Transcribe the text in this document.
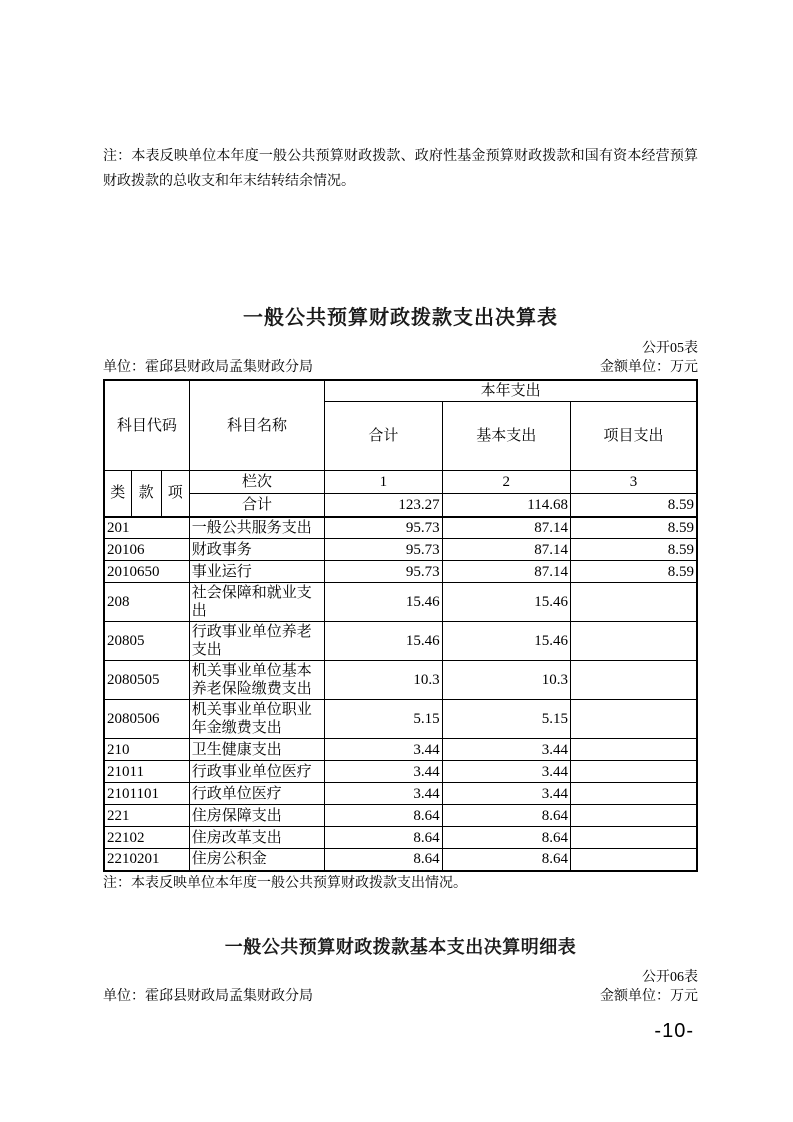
注：本表反映单位本年度一般公共预算财政拨款、政府性基金预算财政拨款和国有资本经营预算财政拨款的总收支和年末结转结余情况。

一般公共预算财政拨款支出决算表
公开05表
单位：霍邱县财政局孟集财政分局	金额单位：万元
科目代码			科目名称	本年支出		
				合计	基本支出	项目支出
类	款	项	栏次	1	2	3
			合计	123.27	114.68	8.59
201			一般公共服务支出	95.73	87.14	8.59
20106			财政事务	95.73	87.14	8.59
2010650			事业运行	95.73	87.14	8.59
208			社会保障和就业支出	15.46	15.46	
20805			行政事业单位养老支出	15.46	15.46	
2080505			机关事业单位基本养老保险缴费支出	10.3	10.3	
2080506			机关事业单位职业年金缴费支出	5.15	5.15	
210			卫生健康支出	3.44	3.44	
21011			行政事业单位医疗	3.44	3.44	
2101101			行政单位医疗	3.44	3.44	
221			住房保障支出	8.64	8.64	
22102			住房改革支出	8.64	8.64	
2210201			住房公积金	8.64	8.64	

注：本表反映单位本年度一般公共预算财政拨款支出情况。

一般公共预算财政拨款基本支出决算明细表
公开06表
单位：霍邱县财政局孟集财政分局	金额单位：万元
-10-
